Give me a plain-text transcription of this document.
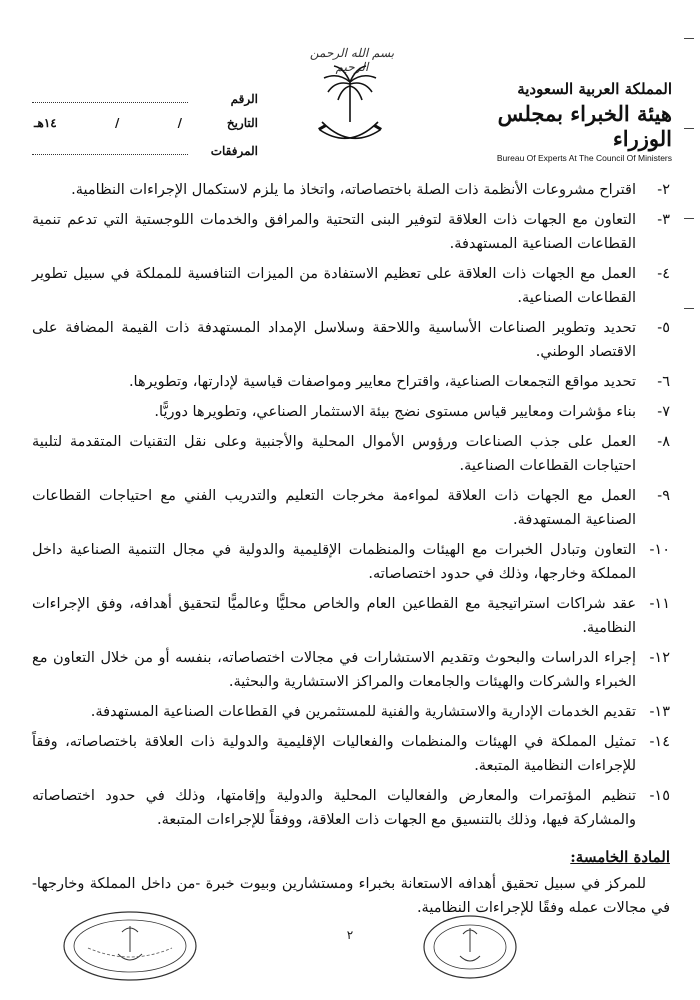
بسم الله الرحمن الرحيم
المملكة العربية السعودية
هيئة الخبراء بمجلس الوزراء
Bureau Of Experts At The Council Of Ministers
الرقم
التاريخ
/
/
١٤هـ
المرفقات
٢-
اقتراح مشروعات الأنظمة ذات الصلة باختصاصاته، واتخاذ ما يلزم لاستكمال الإجراءات النظامية.
٣-
التعاون مع الجهات ذات العلاقة لتوفير البنى التحتية والمرافق والخدمات اللوجستية التي تدعم تنمية القطاعات الصناعية المستهدفة.
٤-
العمل مع الجهات ذات العلاقة على تعظيم الاستفادة من الميزات التنافسية للمملكة في سبيل تطوير القطاعات الصناعية.
٥-
تحديد وتطوير الصناعات الأساسية واللاحقة وسلاسل الإمداد المستهدفة ذات القيمة المضافة على الاقتصاد الوطني.
٦-
تحديد مواقع التجمعات الصناعية، واقتراح معايير ومواصفات قياسية لإدارتها، وتطويرها.
٧-
بناء مؤشرات ومعايير قياس مستوى نضج بيئة الاستثمار الصناعي، وتطويرها دوريًّا.
٨-
العمل على جذب الصناعات ورؤوس الأموال المحلية والأجنبية وعلى نقل التقنيات المتقدمة لتلبية احتياجات القطاعات الصناعية.
٩-
العمل مع الجهات ذات العلاقة لمواءمة مخرجات التعليم والتدريب الفني مع احتياجات القطاعات الصناعية المستهدفة.
١٠-
التعاون وتبادل الخبرات مع الهيئات والمنظمات الإقليمية والدولية في مجال التنمية الصناعية داخل المملكة وخارجها، وذلك في حدود اختصاصاته.
١١-
عقد شراكات استراتيجية مع القطاعين العام والخاص محليًّا وعالميًّا لتحقيق أهدافه، وفق الإجراءات النظامية.
١٢-
إجراء الدراسات والبحوث وتقديم الاستشارات في مجالات اختصاصاته، بنفسه أو من خلال التعاون مع الخبراء والشركات والهيئات والجامعات والمراكز الاستشارية والبحثية.
١٣-
تقديم الخدمات الإدارية والاستشارية والفنية للمستثمرين في القطاعات الصناعية المستهدفة.
١٤-
تمثيل المملكة في الهيئات والمنظمات والفعاليات الإقليمية والدولية ذات العلاقة باختصاصاته، وفقاً للإجراءات النظامية المتبعة.
١٥-
تنظيم المؤتمرات والمعارض والفعاليات المحلية والدولية وإقامتها، وذلك في حدود اختصاصاته والمشاركة فيها، وذلك بالتنسيق مع الجهات ذات العلاقة، ووفقاً للإجراءات المتبعة.
المادة الخامسة:
للمركز في سبيل تحقيق أهدافه الاستعانة بخبراء ومستشارين وبيوت خبرة -من داخل المملكة وخارجها- في مجالات عمله وفقًا للإجراءات النظامية.
٢
